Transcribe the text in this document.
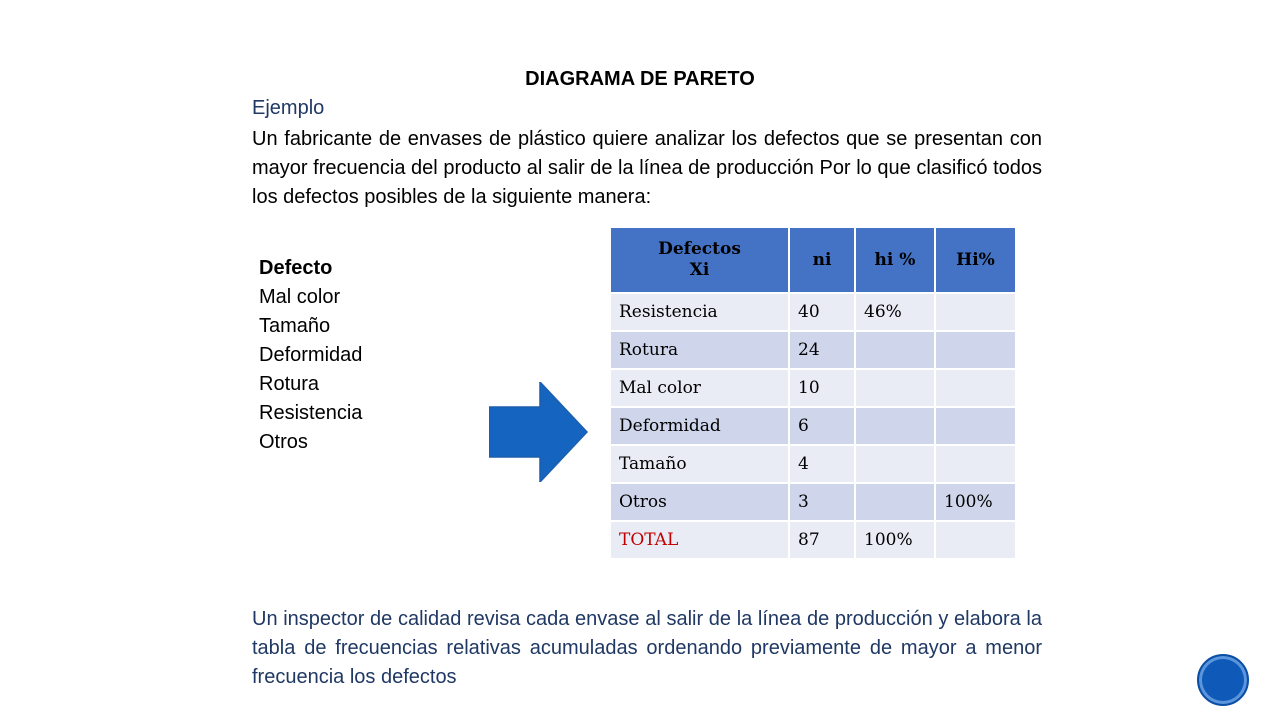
DIAGRAMA DE PARETO
Ejemplo

Un fabricante de envases de plástico quiere analizar los defectos que se presentan con mayor frecuencia del producto al salir de la línea de producción Por lo que clasificó todos los defectos posibles de la siguiente manera:

Defecto
Mal color
Tamaño
Deformidad
Rotura
Resistencia
Otros
Defectos
Xi	ni	hi %	Hi%
Resistencia	40	46%	
Rotura	24		
Mal color	10		
Deformidad	6		
Tamaño	4		
Otros	3		100%
TOTAL	87	100%	

Un inspector de calidad revisa cada envase al salir de la línea de producción y elabora la tabla de frecuencias relativas acumuladas ordenando previamente de mayor a menor frecuencia los defectos
